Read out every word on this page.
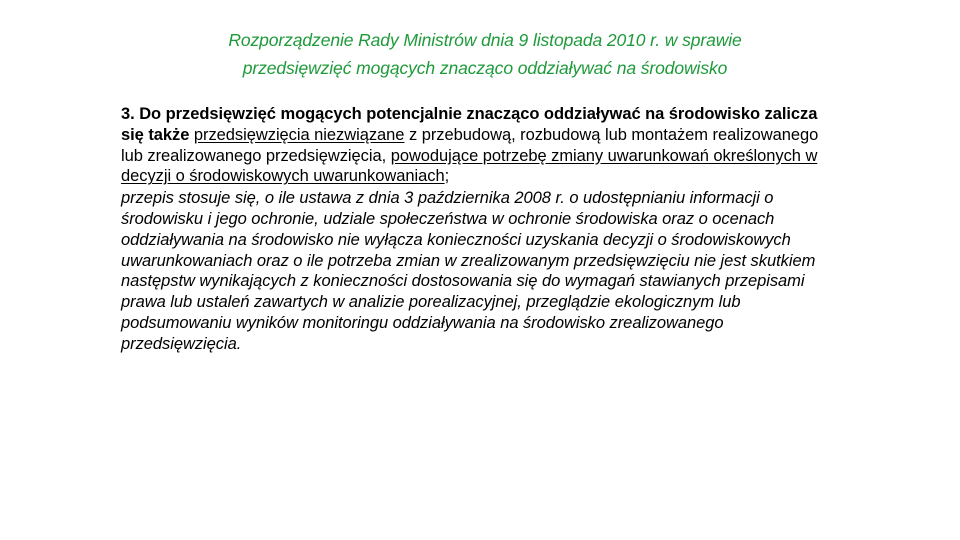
Rozporządzenie Rady Ministrów dnia 9 listopada 2010 r. w sprawie
przedsięwzięć mogących znacząco oddziaływać na środowisko
3. Do przedsięwzięć mogących potencjalnie znacząco oddziaływać na środowisko zalicza się także przedsięwzięcia niezwiązane z przebudową, rozbudową lub montażem realizowanego lub zrealizowanego przedsięwzięcia, powodujące potrzebę zmiany uwarunkowań określonych w decyzji o środowiskowych uwarunkowaniach;
przepis stosuje się, o ile ustawa z dnia 3 października 2008 r. o udostępnianiu informacji o środowisku i jego ochronie, udziale społeczeństwa w ochronie środowiska oraz o ocenach oddziaływania na środowisko nie wyłącza konieczności uzyskania decyzji o środowiskowych uwarunkowaniach oraz o ile potrzeba zmian w zrealizowanym przedsięwzięciu nie jest skutkiem następstw wynikających z konieczności dostosowania się do wymagań stawianych przepisami prawa lub ustaleń zawartych w analizie porealizacyjnej, przeglądzie ekologicznym lub podsumowaniu wyników monitoringu oddziaływania na środowisko zrealizowanego przedsięwzięcia.
